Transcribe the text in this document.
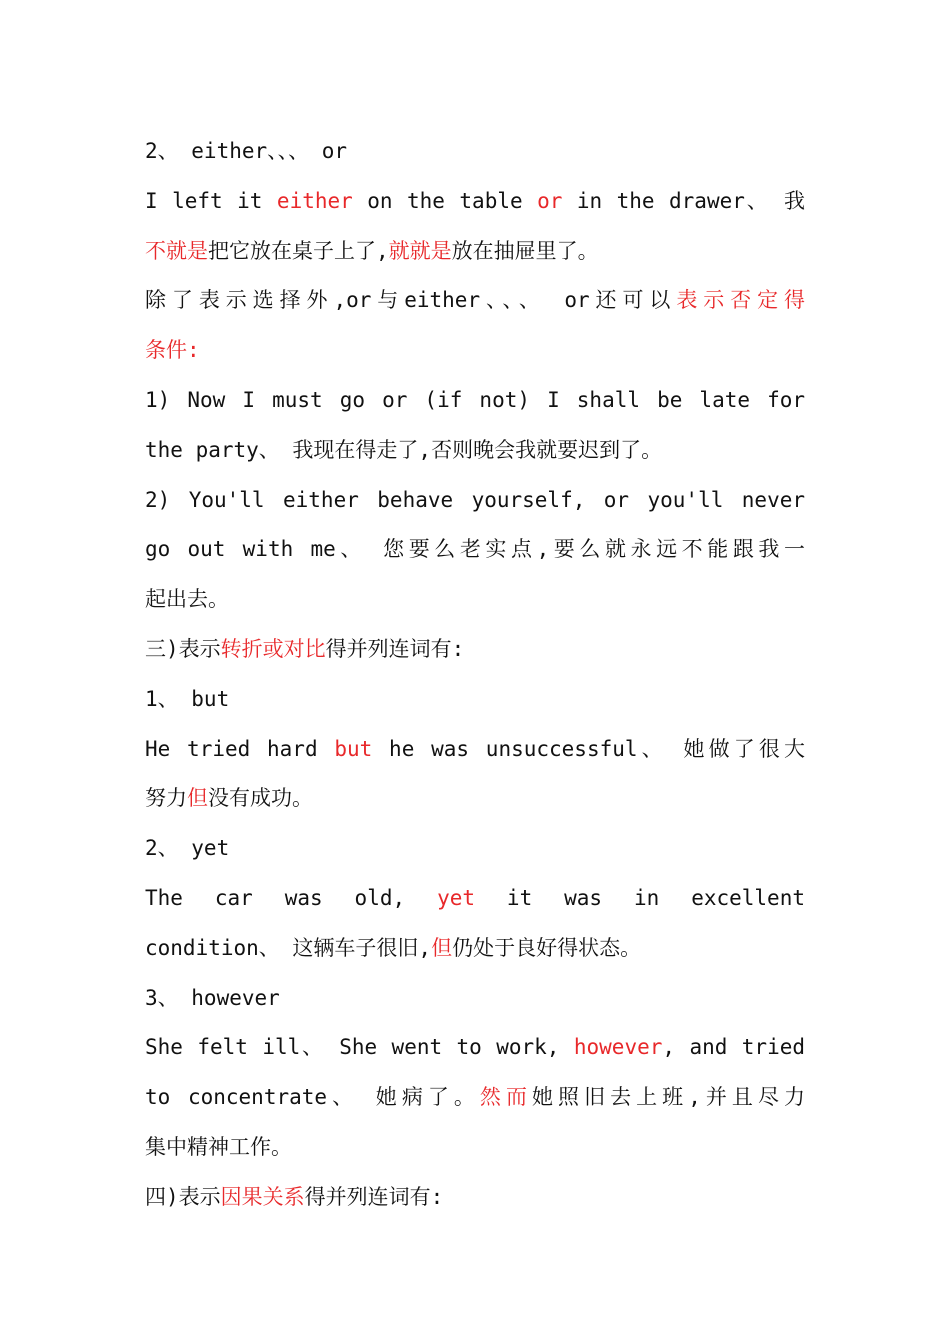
2、 either、、、 or
I left it either on the table or in the drawer、 我
不就是把它放在桌子上了,就就是放在抽屉里了。
除了表示选择外,or与either、、、 or还可以表示否定得
条件:
1) Now I must go or (if not) I shall be late for
the party、 我现在得走了,否则晚会我就要迟到了。
2) You'll either behave yourself, or you'll never
go out with me、 您要么老实点,要么就永远不能跟我一
起出去。
三)表示转折或对比得并列连词有:
1、 but
He tried hard but he was unsuccessful、 她做了很大
努力但没有成功。
2、 yet
The car was old, yet it was in excellent
condition、 这辆车子很旧,但仍处于良好得状态。
3、 however
She felt ill、 She went to work, however, and tried
to concentrate、 她病了。然而她照旧去上班,并且尽力
集中精神工作。
四)表示因果关系得并列连词有:
